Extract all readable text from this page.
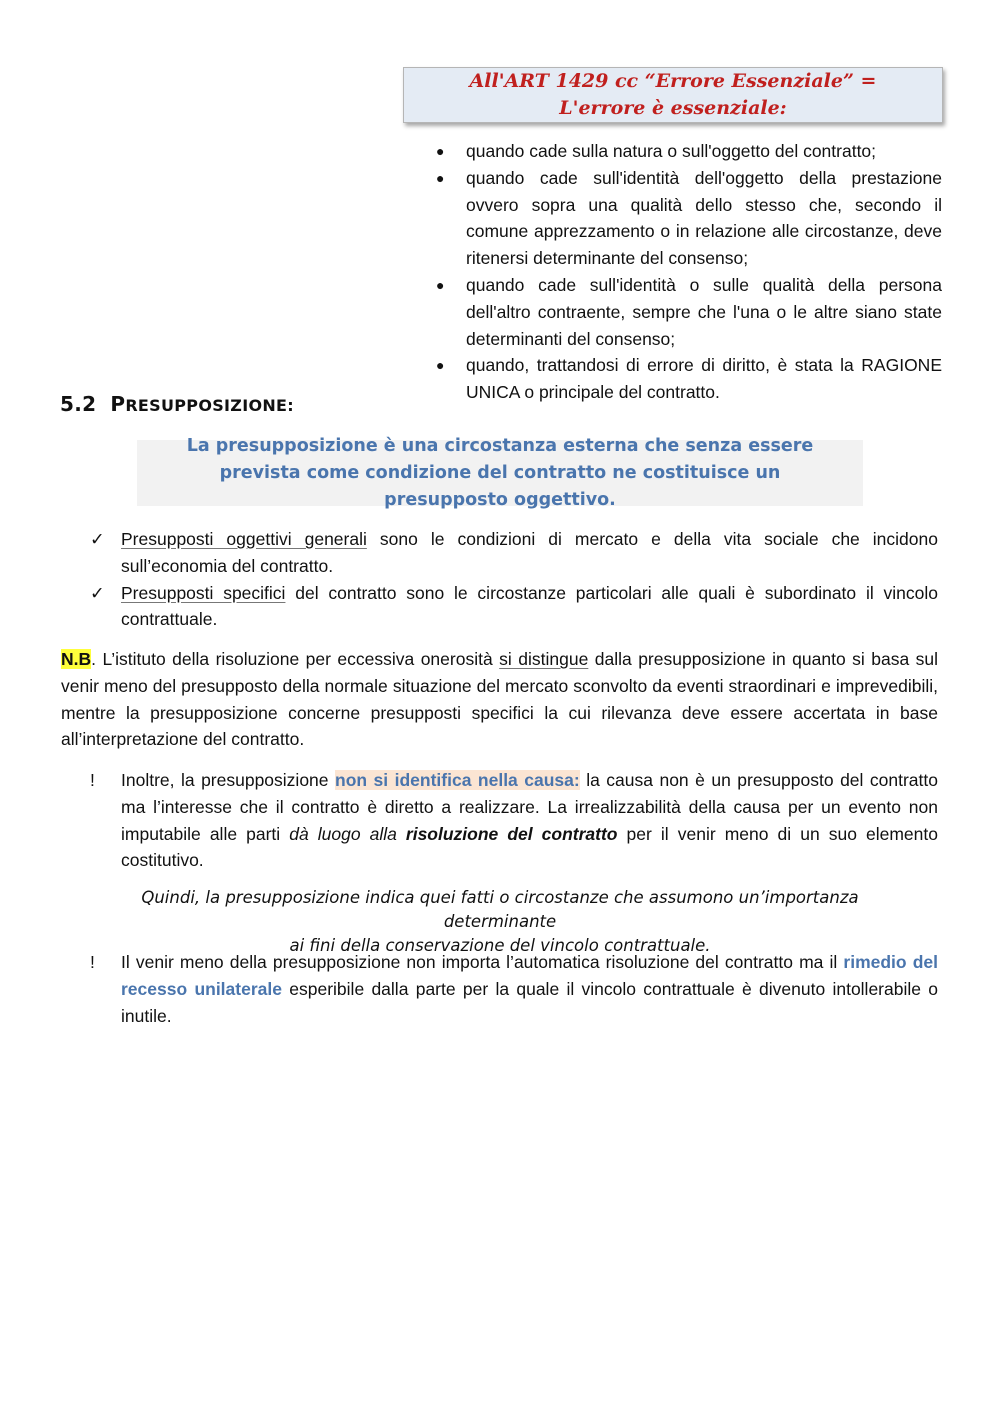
All'ART 1429 cc “Errore Essenziale” = L'errore è essenziale:
●	quando cade sulla natura o sull'oggetto del contratto;
●	quando cade sull'identità dell'oggetto della prestazione ovvero sopra una qualità dello stesso che, secondo il comune apprezzamento o in relazione alle circostanze, deve ritenersi determinante del consenso;
●	quando cade sull'identità o sulle qualità della persona dell'altro contraente, sempre che l'una o le altre siano state determinanti del consenso;
●	quando, trattandosi di errore di diritto, è stata la RAGIONE UNICA o principale del contratto.
5.2 PRESUPPOSIZIONE:
La presupposizione è una circostanza esterna che senza essere prevista come condizione del contratto ne costituisce un presupposto oggettivo.
✓ Presupposti oggettivi generali sono le condizioni di mercato e della vita sociale che incidono sull’economia del contratto.
✓ Presupposti specifici del contratto sono le circostanze particolari alle quali è subordinato il vincolo contrattuale.
N.B. L’istituto della risoluzione per eccessiva onerosità si distingue dalla presupposizione in quanto si basa sul venir meno del presupposto della normale situazione del mercato sconvolto da eventi straordinari e imprevedibili, mentre la presupposizione concerne presupposti specifici la cui rilevanza deve essere accertata in base all’interpretazione del contratto.
!	Inoltre, la presupposizione non si identifica nella causa: la causa non è un presupposto del contratto ma l’interesse che il contratto è diretto a realizzare. La irrealizzabilità della causa per un evento non imputabile alle parti dà luogo alla risoluzione del contratto per il venir meno di un suo elemento costitutivo.
Quindi, la presupposizione indica quei fatti o circostanze che assumono un’importanza determinante
ai fini della conservazione del vincolo contrattuale.
!	Il venir meno della presupposizione non importa l’automatica risoluzione del contratto ma il rimedio del recesso unilaterale esperibile dalla parte per la quale il vincolo contrattuale è divenuto intollerabile o inutile.
